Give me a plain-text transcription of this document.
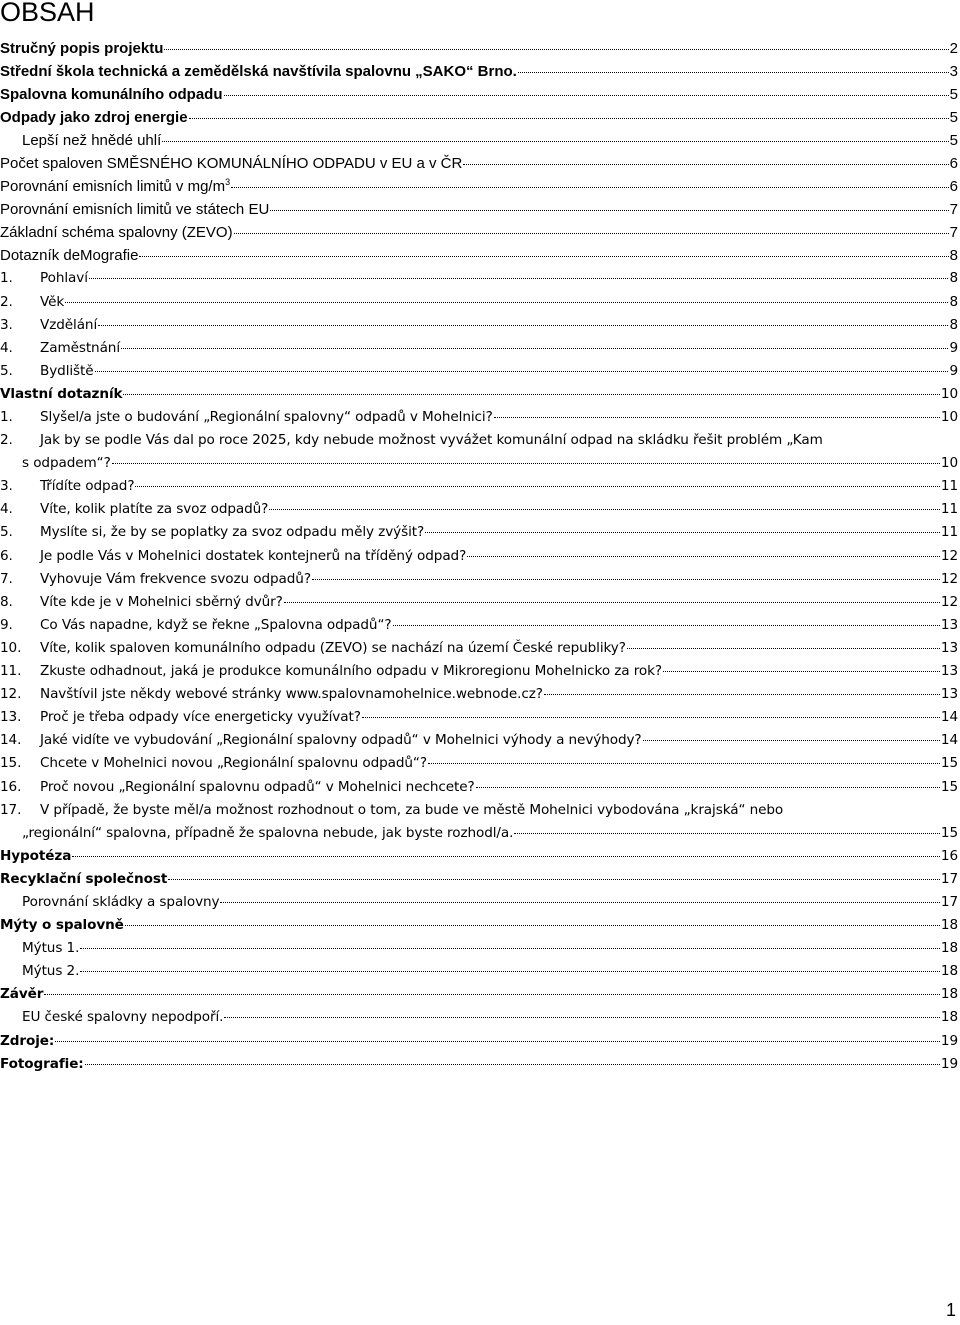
OBSAH
Stručný popis projektu	2
Střední škola technická a zemědělská navštívila spalovnu „SAKO“ Brno.	3
Spalovna komunálního odpadu	5
Odpady jako zdroj energie	5
Lepší než hnědé uhlí	5
Počet spaloven SMĚSNÉHO KOMUNÁLNÍHO ODPADU v EU a v ČR	6
Porovnání emisních limitů v $mg/m^3$	6
Porovnání emisních limitů ve státech EU	7
Základní schéma spalovny (ZEVO)	7
Dotazník deMografie	8
1.	Pohlaví	8
2.	Věk	8
3.	Vzdělání	8
4.	Zaměstnání	9
5.	Bydliště	9
Vlastní dotazník	10
1.	Slyšel/a jste o budování „Regionální spalovny“ odpadů v Mohelnici?	10
2.	Jak by se podle Vás dal po roce 2025, kdy nebude možnost vyvážet komunální odpad na skládku řešit problém „Kam
s odpadem“?	10
3.	Třídíte odpad?	11
4.	Víte, kolik platíte za svoz odpadů?	11
5.	Myslíte si, že by se poplatky za svoz odpadu měly zvýšit?	11
6.	Je podle Vás v Mohelnici dostatek kontejnerů na tříděný odpad?	12
7.	Vyhovuje Vám frekvence svozu odpadů?	12
8.	Víte kde je v Mohelnici sběrný dvůr?	12
9.	Co Vás napadne, když se řekne „Spalovna odpadů“?	13
10.	Víte, kolik spaloven komunálního odpadu (ZEVO) se nachází na území České republiky?	13
11.	Zkuste odhadnout, jaká je produkce komunálního odpadu v Mikroregionu Mohelnicko za rok?	13
12.	Navštívil jste někdy webové stránky www.spalovnamohelnice.webnode.cz?	13
13.	Proč je třeba odpady více energeticky využívat?	14
14.	Jaké vidíte ve vybudování „Regionální spalovny odpadů“ v Mohelnici výhody a nevýhody?	14
15.	Chcete v Mohelnici novou „Regionální spalovnu odpadů“?	15
16.	Proč novou „Regionální spalovnu odpadů“ v Mohelnici nechcete?	15
17.	V případě, že byste měl/a možnost rozhodnout o tom, za bude ve městě Mohelnici vybodována „krajská“ nebo
„regionální“ spalovna, případně že spalovna nebude, jak byste rozhodl/a.	15
Hypotéza	16
Recyklační společnost	17
Porovnání skládky a spalovny	17
Mýty o spalovně	18
Mýtus 1.	18
Mýtus 2.	18
Závěr	18
EU české spalovny nepodpoří.	18
Zdroje:	19
Fotografie:	19
1
